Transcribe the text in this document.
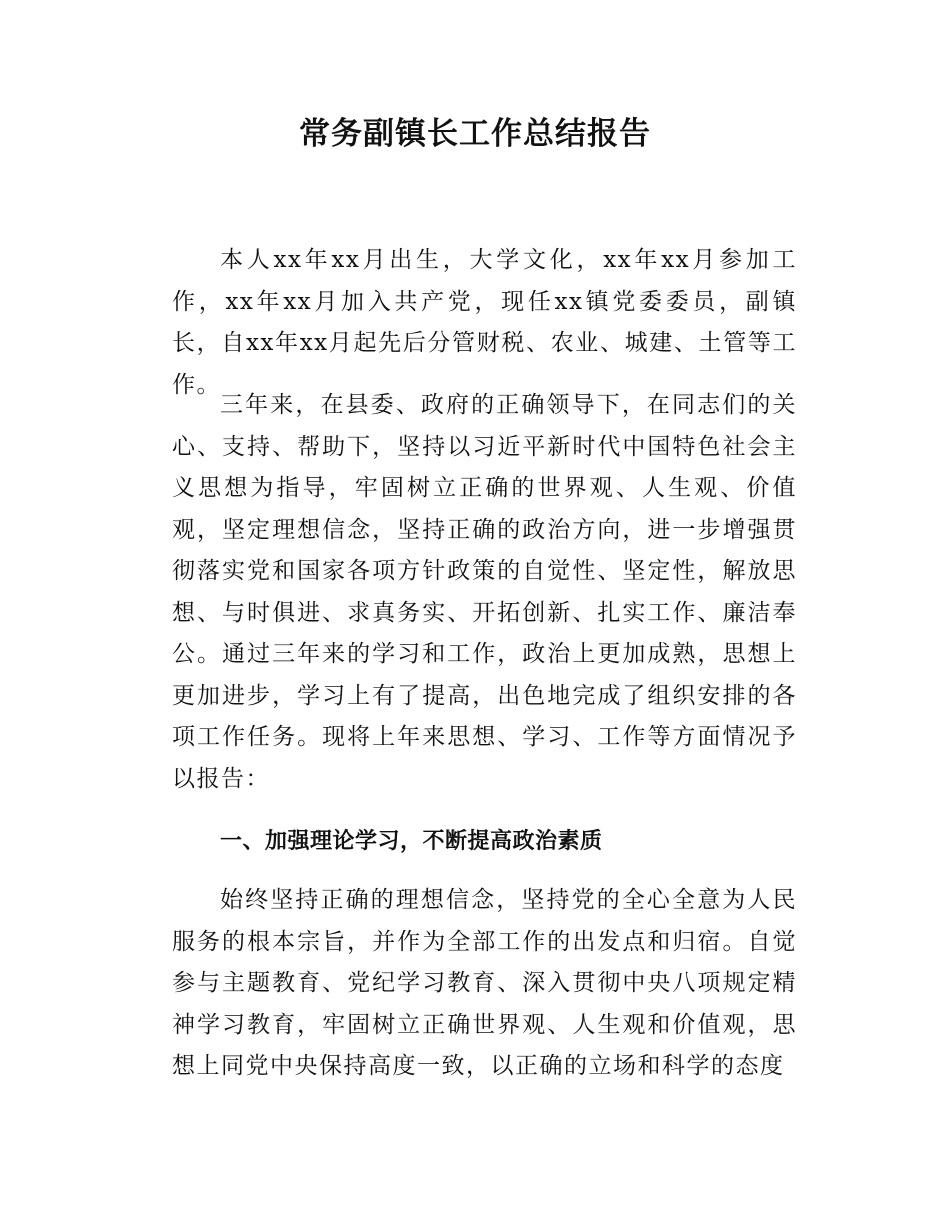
常务副镇长工作总结报告

本人xx年xx月出生，大学文化，xx年xx月参加工作，xx年xx月加入共产党，现任xx镇党委委员，副镇长，自xx年xx月起先后分管财税、农业、城建、土管等工作。

三年来，在县委、政府的正确领导下，在同志们的关心、支持、帮助下，坚持以习近平新时代中国特色社会主义思想为指导，牢固树立正确的世界观、人生观、价值观，坚定理想信念，坚持正确的政治方向，进一步增强贯彻落实党和国家各项方针政策的自觉性、坚定性，解放思想、与时俱进、求真务实、开拓创新、扎实工作、廉洁奉公。通过三年来的学习和工作，政治上更加成熟，思想上更加进步，学习上有了提高，出色地完成了组织安排的各项工作任务。现将上年来思想、学习、工作等方面情况予以报告：

一、加强理论学习，不断提高政治素质

始终坚持正确的理想信念，坚持党的全心全意为人民服务的根本宗旨，并作为全部工作的出发点和归宿。自觉参与主题教育、党纪学习教育、深入贯彻中央八项规定精神学习教育，牢固树立正确世界观、人生观和价值观，思想上同党中央保持高度一致，以正确的立场和科学的态度
